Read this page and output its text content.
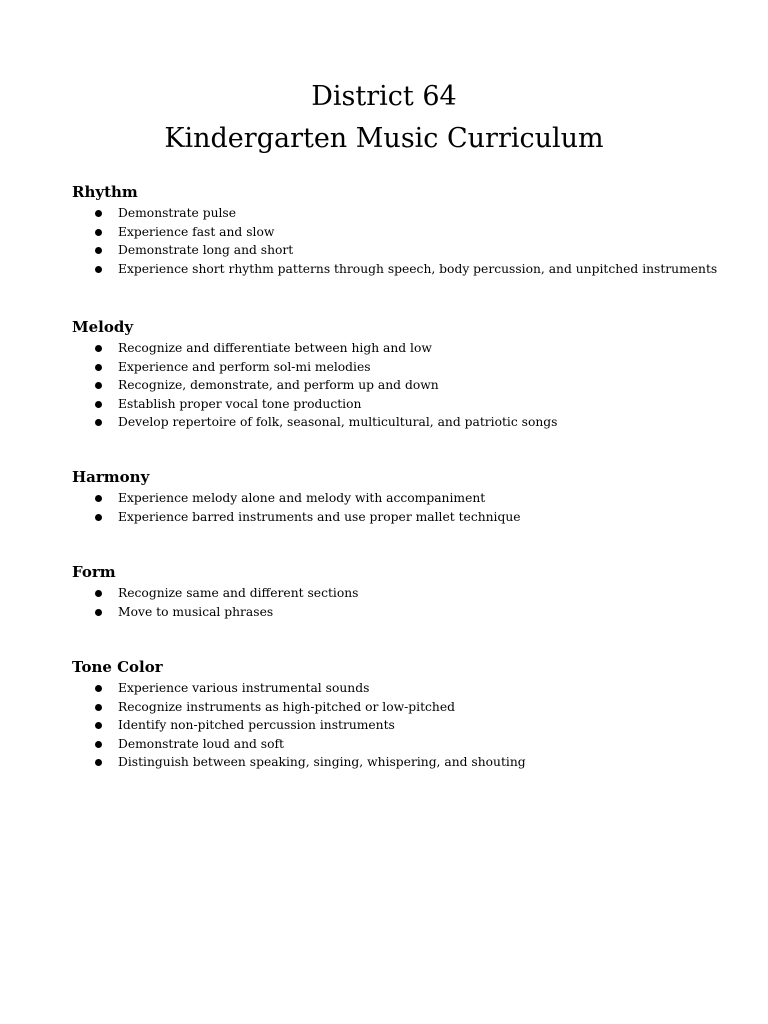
District 64
Kindergarten Music Curriculum
Rhythm
Demonstrate pulse
Experience fast and slow
Demonstrate long and short
Experience short rhythm patterns through speech, body percussion, and unpitched instruments
Melody
Recognize and differentiate between high and low
Experience and perform sol-mi melodies
Recognize, demonstrate, and perform up and down
Establish proper vocal tone production
Develop repertoire of folk, seasonal, multicultural, and patriotic songs
Harmony
Experience melody alone and melody with accompaniment
Experience barred instruments and use proper mallet technique
Form
Recognize same and different sections
Move to musical phrases
Tone Color
Experience various instrumental sounds
Recognize instruments as high-pitched or low-pitched
Identify non-pitched percussion instruments
Demonstrate loud and soft
Distinguish between speaking, singing, whispering, and shouting
